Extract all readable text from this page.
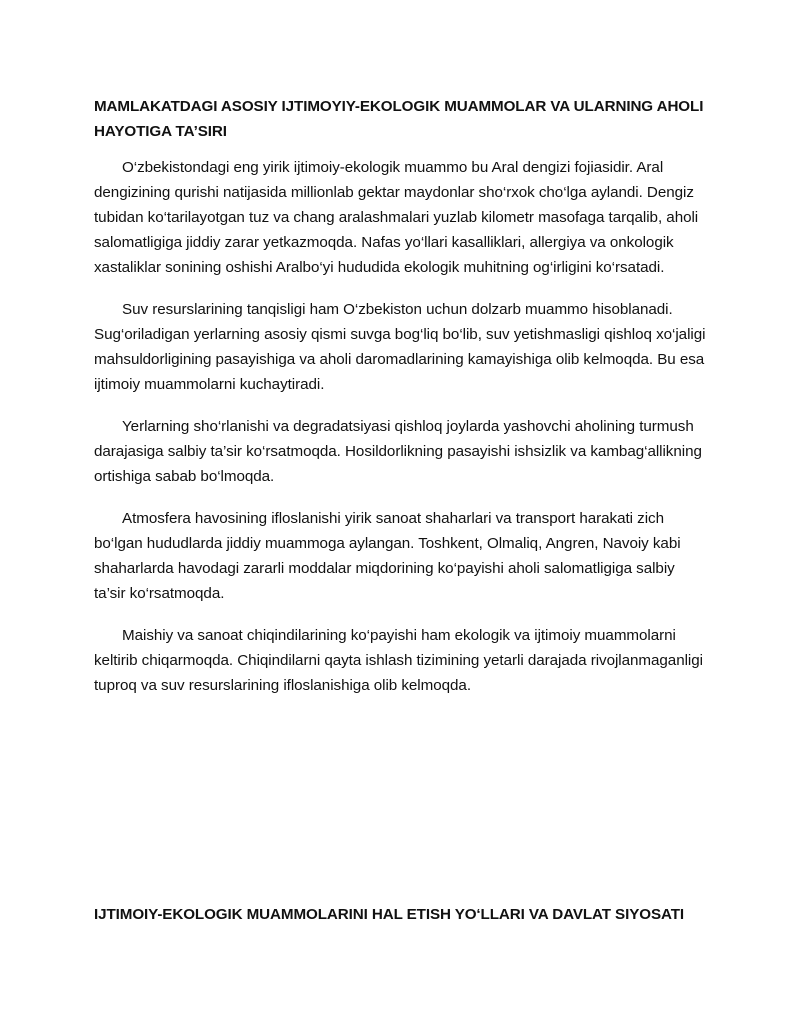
MAMLAKATDAGI ASOSIY IJTIMOYIY-EKOLOGIK MUAMMOLAR VA ULARNING AHOLI HAYOTIGA TA’SIRI

O‘zbekistondagi eng yirik ijtimoiy-ekologik muammo bu Aral dengizi fojiasidir. Aral dengizining qurishi natijasida millionlab gektar maydonlar sho‘rxok cho‘lga aylandi. Dengiz tubidan ko‘tarilayotgan tuz va chang aralashmalari yuzlab kilometr masofaga tarqalib, aholi salomatligiga jiddiy zarar yetkazmoqda. Nafas yo‘llari kasalliklari, allergiya va onkologik xastaliklar sonining oshishi Aralbo‘yi hududida ekologik muhitning og‘irligini ko‘rsatadi.

Suv resurslarining tanqisligi ham O‘zbekiston uchun dolzarb muammo hisoblanadi. Sug‘oriladigan yerlarning asosiy qismi suvga bog‘liq bo‘lib, suv yetishmasligi qishloq xo‘jaligi mahsuldorligining pasayishiga va aholi daromadlarining kamayishiga olib kelmoqda. Bu esa ijtimoiy muammolarni kuchaytiradi.

Yerlarning sho‘rlanishi va degradatsiyasi qishloq joylarda yashovchi aholining turmush darajasiga salbiy ta’sir ko‘rsatmoqda. Hosildorlikning pasayishi ishsizlik va kambag‘allikning ortishiga sabab bo‘lmoqda.

Atmosfera havosining ifloslanishi yirik sanoat shaharlari va transport harakati zich bo‘lgan hududlarda jiddiy muammoga aylangan. Toshkent, Olmaliq, Angren, Navoiy kabi shaharlarda havodagi zararli moddalar miqdorining ko‘payishi aholi salomatligiga salbiy ta’sir ko‘rsatmoqda.

Maishiy va sanoat chiqindilarining ko‘payishi ham ekologik va ijtimoiy muammolarni keltirib chiqarmoqda. Chiqindilarni qayta ishlash tizimining yetarli darajada rivojlanmaganligi tuproq va suv resurslarining ifloslanishiga olib kelmoqda.

IJTIMOIY-EKOLOGIK MUAMMOLARINI HAL ETISH YO‘LLARI VA DAVLAT SIYOSATI
